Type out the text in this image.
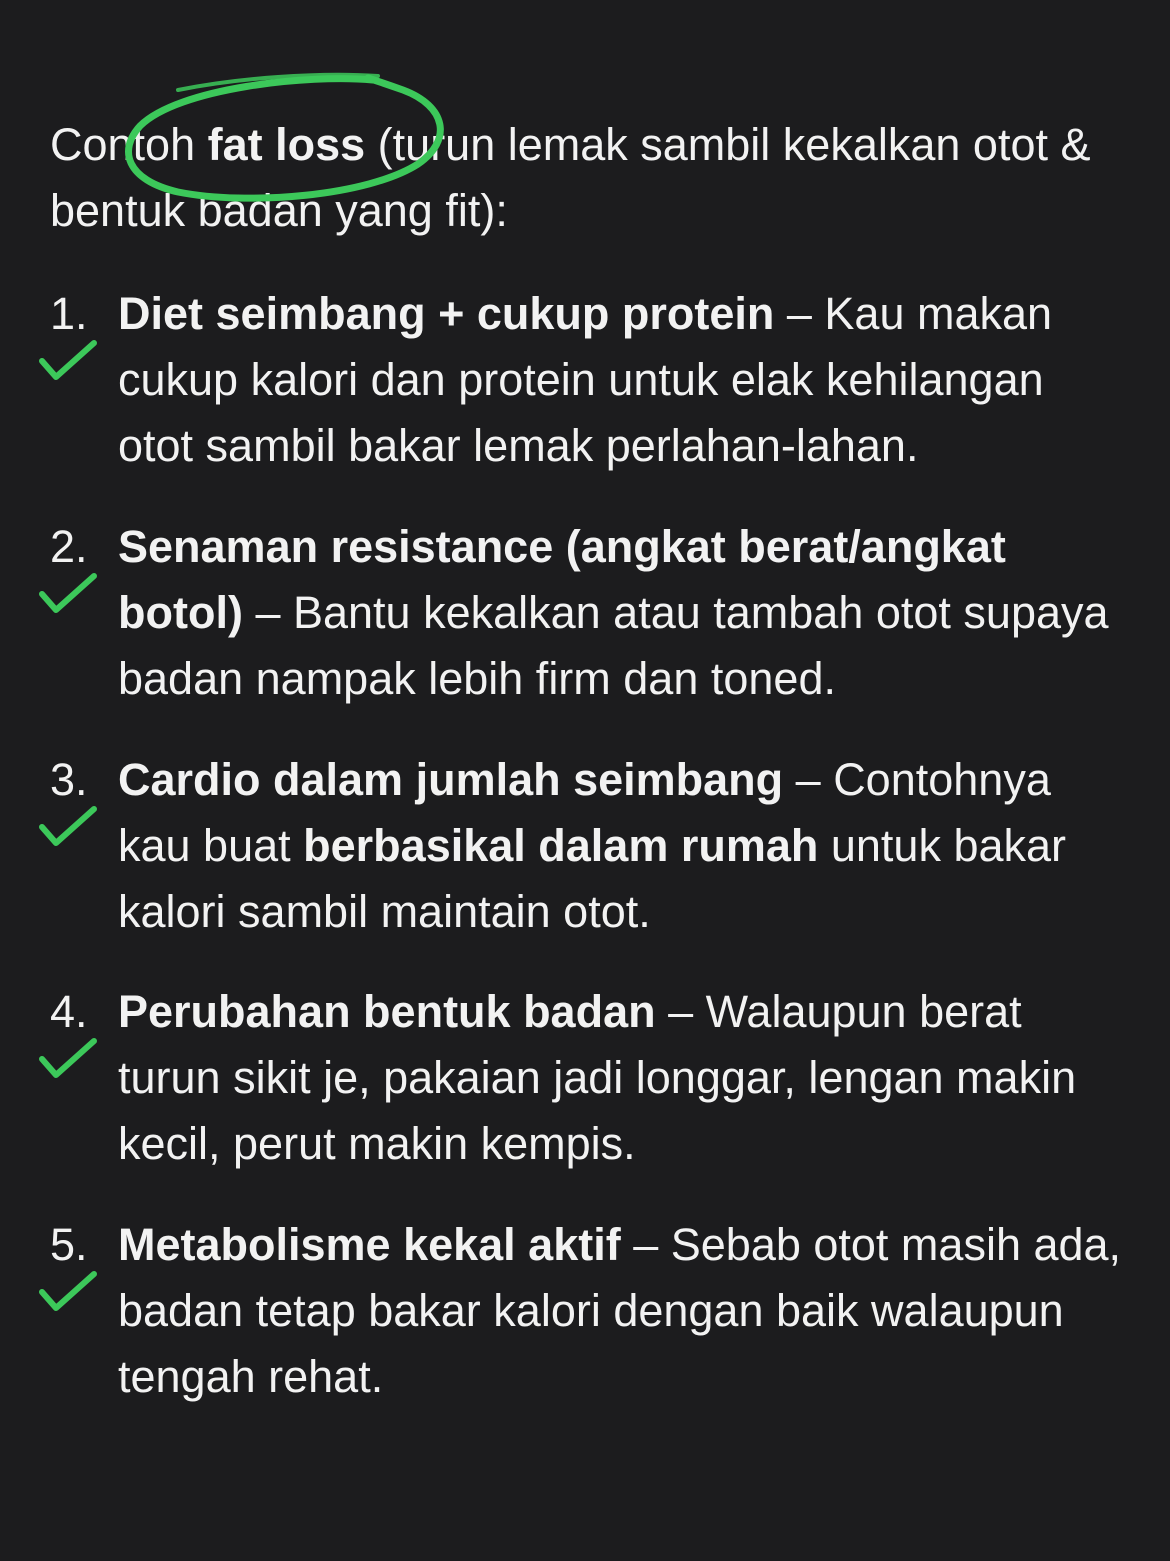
Contoh fat loss (turun lemak sambil kekalkan otot & bentuk badan yang fit):

1. Diet seimbang + cukup protein – Kau makan cukup kalori dan protein untuk elak kehilangan otot sambil bakar lemak perlahan-lahan.

2. Senaman resistance (angkat berat/angkat botol) – Bantu kekalkan atau tambah otot supaya badan nampak lebih firm dan toned.

3. Cardio dalam jumlah seimbang – Contohnya kau buat berbasikal dalam rumah untuk bakar kalori sambil maintain otot.

4. Perubahan bentuk badan – Walaupun berat turun sikit je, pakaian jadi longgar, lengan makin kecil, perut makin kempis.

5. Metabolisme kekal aktif – Sebab otot masih ada, badan tetap bakar kalori dengan baik walaupun tengah rehat.
